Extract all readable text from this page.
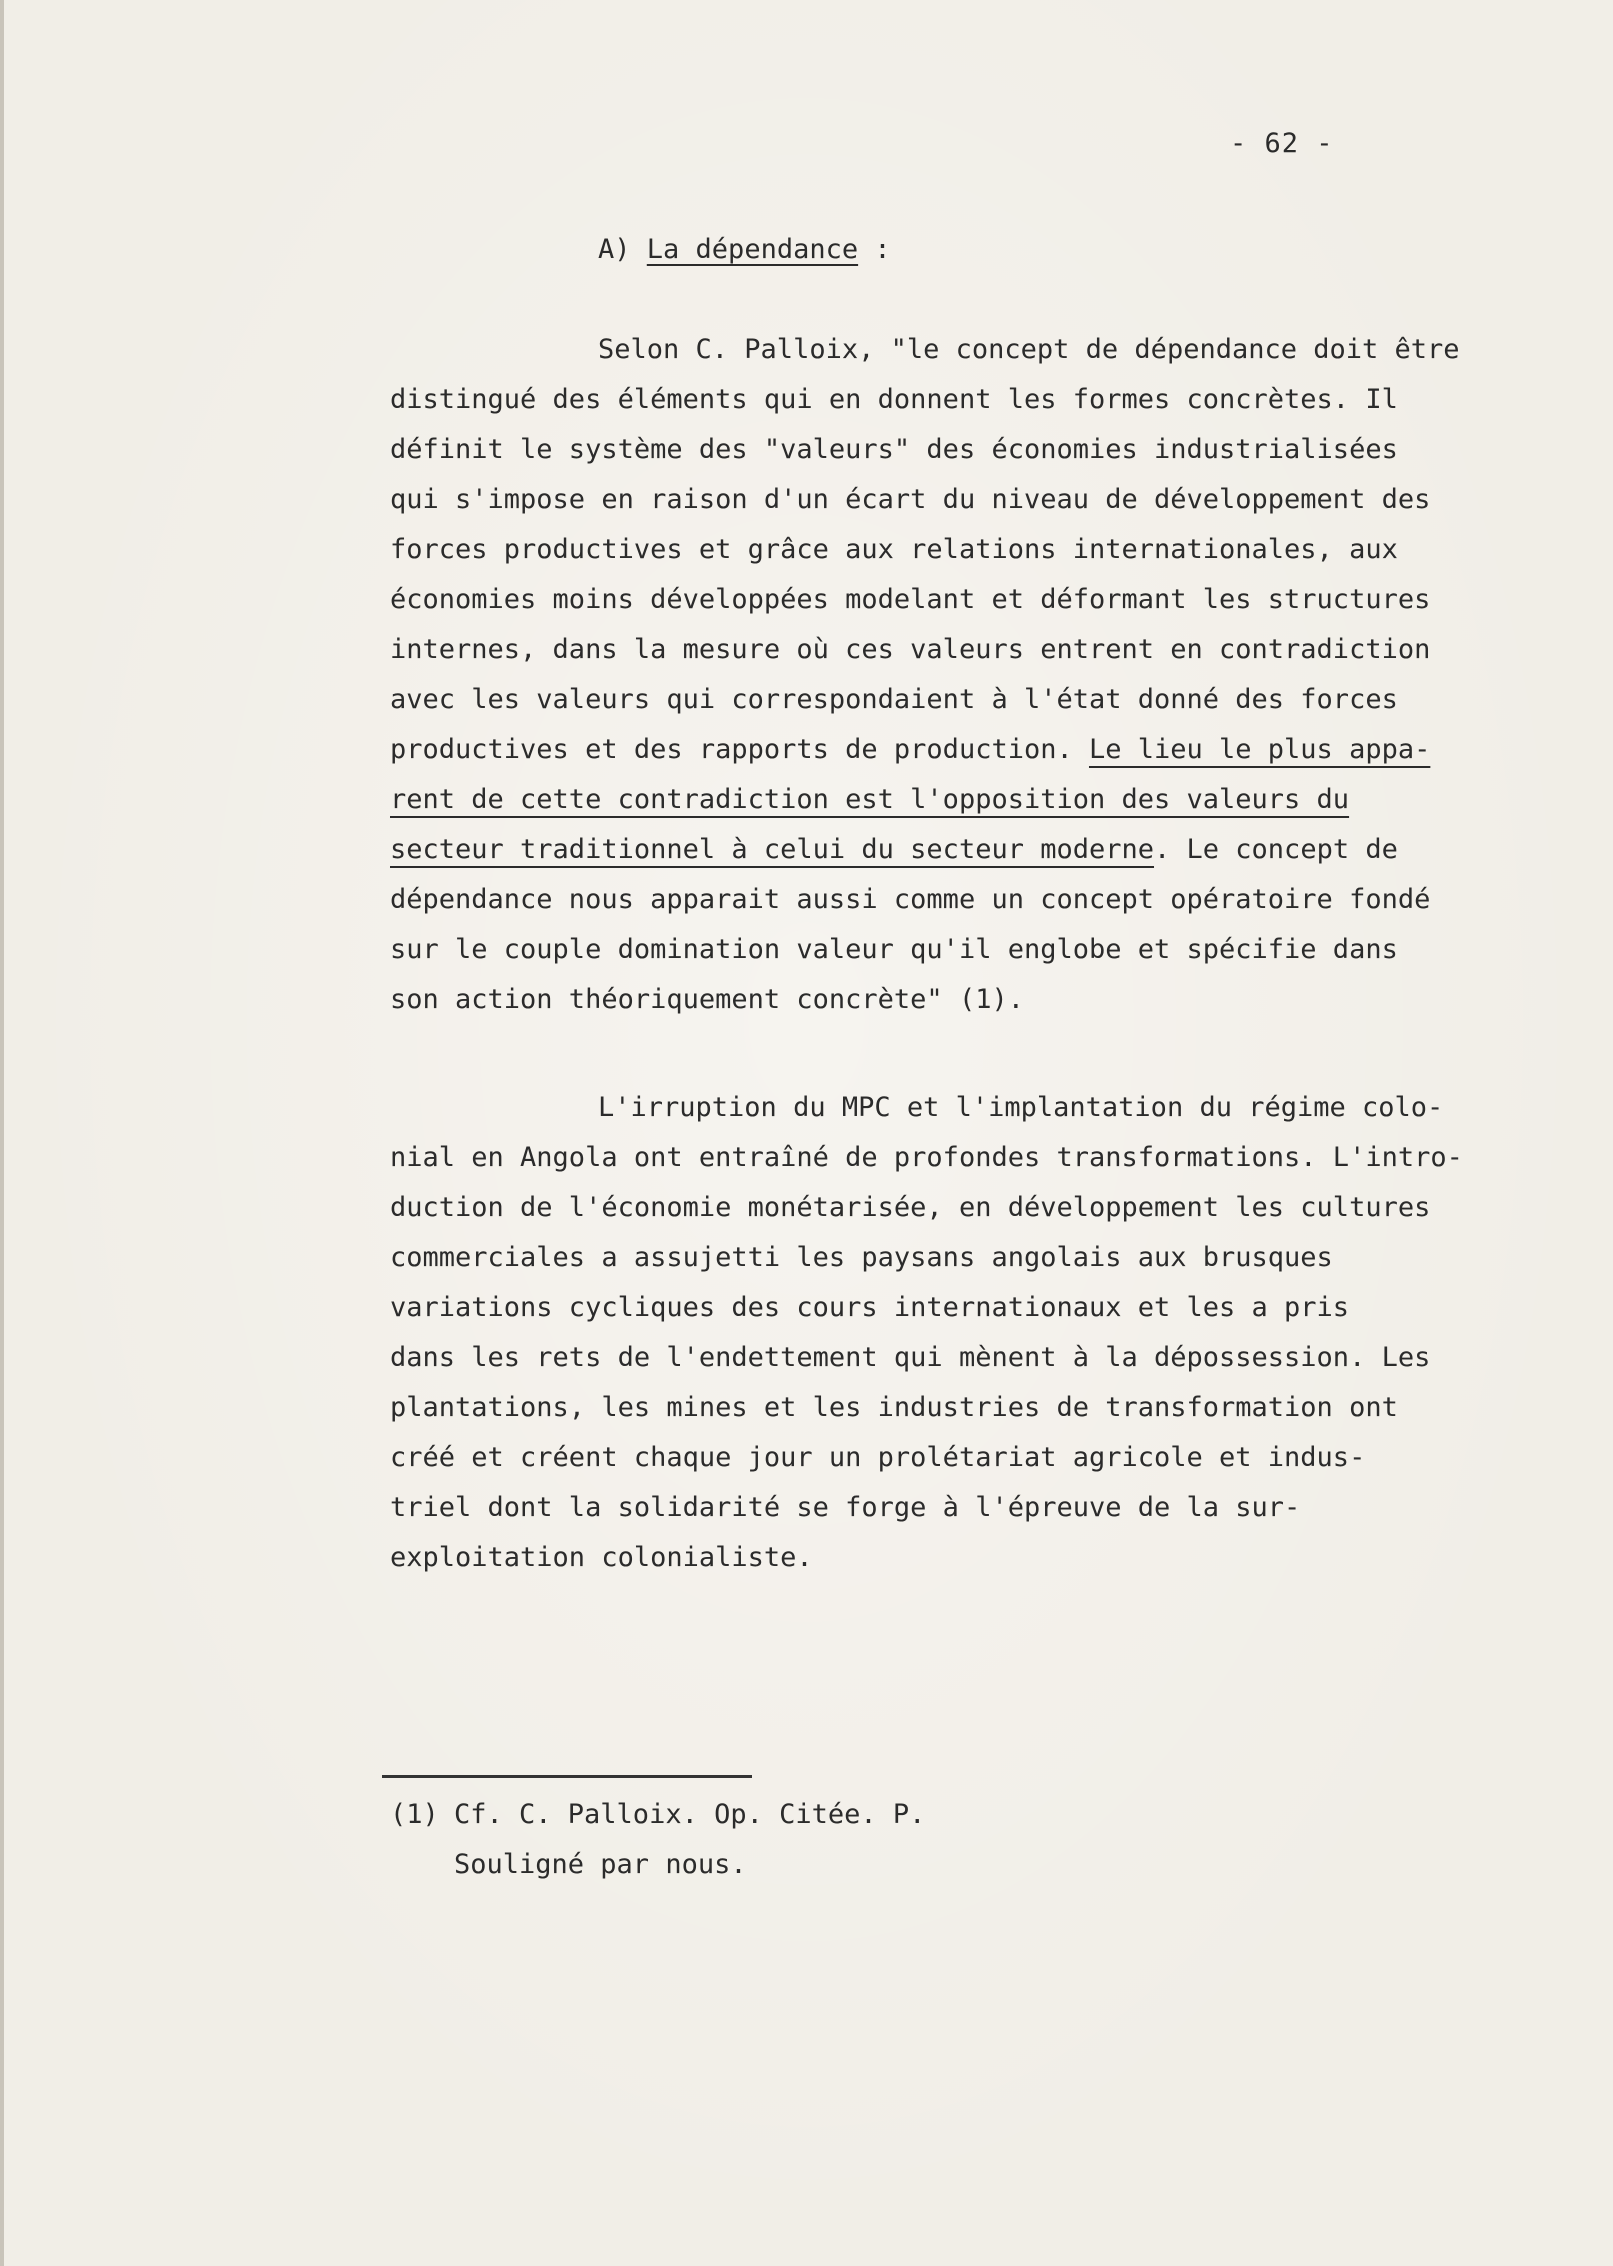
- 62 -
A) La dépendance :
Selon C. Palloix, "le concept de dépendance doit être
distingué des éléments qui en donnent les formes concrètes. Il
définit le système des "valeurs" des économies industrialisées
qui s'impose en raison d'un écart du niveau de développement des
forces productives et grâce aux relations internationales, aux
économies moins développées modelant et déformant les structures
internes, dans la mesure où ces valeurs entrent en contradiction
avec les valeurs qui correspondaient à l'état donné des forces
productives et des rapports de production. Le lieu le plus appa-
rent de cette contradiction est l'opposition des valeurs du
secteur traditionnel à celui du secteur moderne. Le concept de
dépendance nous apparait aussi comme un concept opératoire fondé
sur le couple domination valeur qu'il englobe et spécifie dans
son action théoriquement concrète" (1).
L'irruption du MPC et l'implantation du régime colo-
nial en Angola ont entraîné de profondes transformations. L'intro-
duction de l'économie monétarisée, en développement les cultures
commerciales a assujetti les paysans angolais aux brusques
variations cycliques des cours internationaux et les a pris
dans les rets de l'endettement qui mènent à la dépossession. Les
plantations, les mines et les industries de transformation ont
créé et créent chaque jour un prolétariat agricole et indus-
triel dont la solidarité se forge à l'épreuve de la sur-
exploitation colonialiste.
(1) Cf. C. Palloix. Op. Citée. P.
Souligné par nous.
